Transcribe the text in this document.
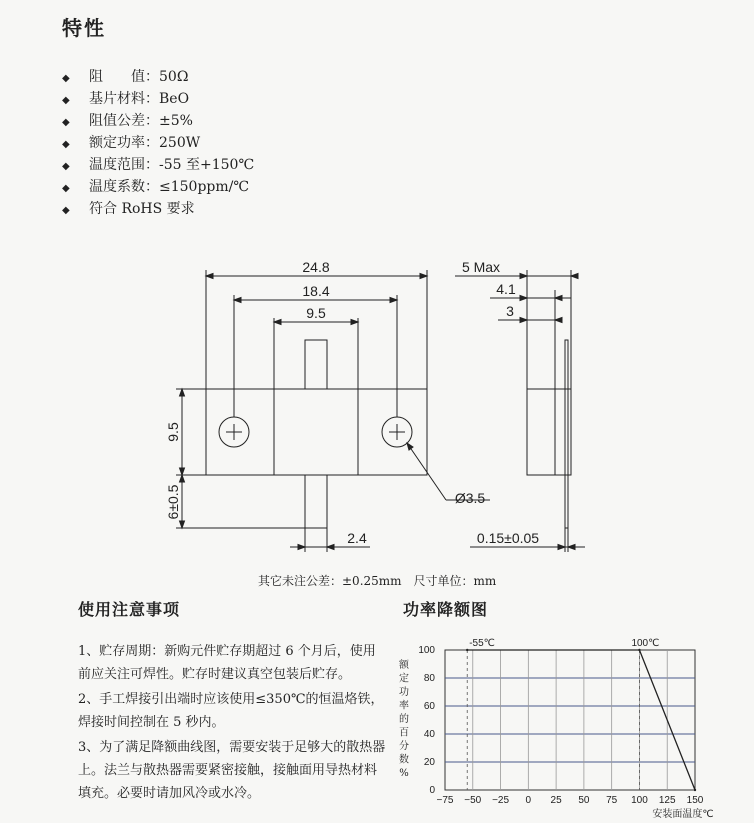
特性
◆ 阻　　值：50Ω
◆ 基片材料：BeO
◆ 阻值公差：±5%
◆ 额定功率：250W
◆ 温度范围：-55 至+150℃
◆ 温度系数：≤150ppm/℃
◆ 符合 RoHS 要求
24.8
18.4
9.5
9.5
6±0.5
2.4
Ø3.5
5 Max
4.1
3
0.15±0.05
其它未注公差：±0.25mm　尺寸单位：mm
使用注意事项

1、贮存周期：新购元件贮存期超过 6 个月后，使用前应关注可焊性。贮存时建议真空包装后贮存。

2、手工焊接引出端时应该使用≤350℃的恒温烙铁，焊接时间控制在 5 秒内。

3、为了满足降额曲线图，需要安装于足够大的散热器上。法兰与散热器需要紧密接触，接触面用导热材料填充。必要时请加风冷或水冷。

功率降额图
0
20
40
60
80
100
−75 −50 −25 0 25 50 75 100 125 150
-55℃	100℃
额
定
功
率
的
百
分
数
%
安装面温度℃
